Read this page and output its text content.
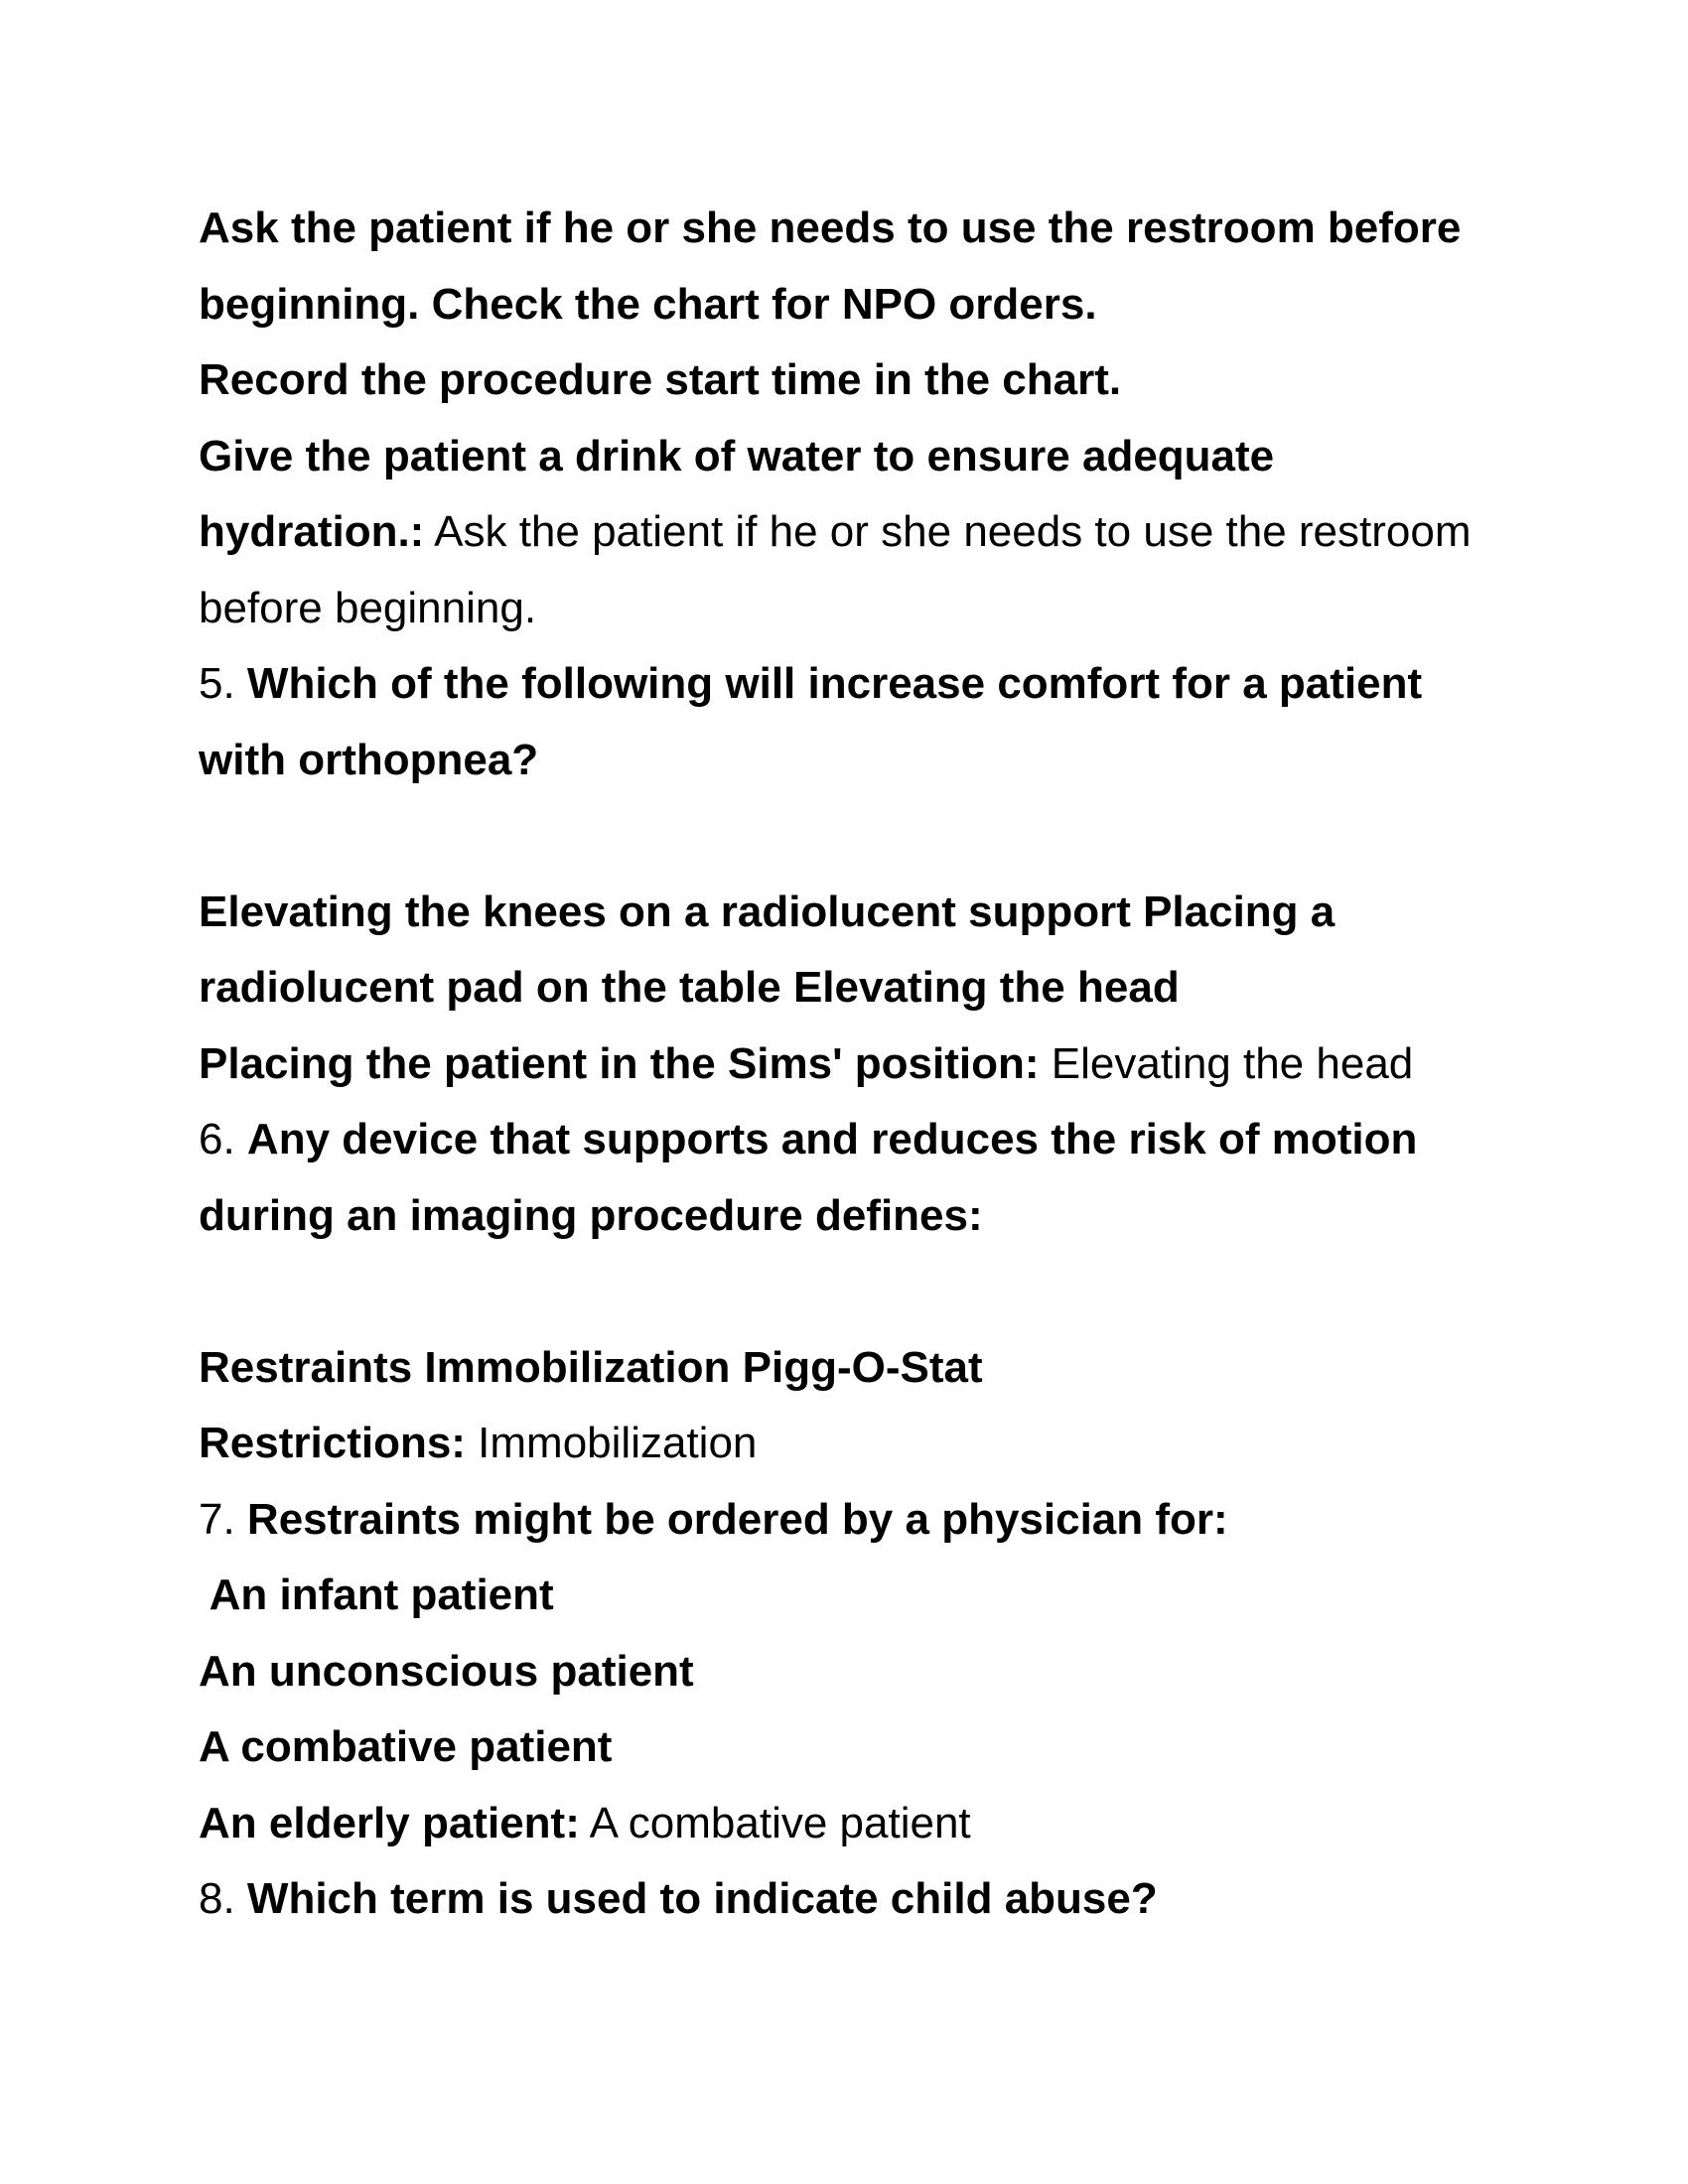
Ask the patient if he or she needs to use the restroom before
beginning. Check the chart for NPO orders.
Record the procedure start time in the chart.
Give the patient a drink of water to ensure adequate
hydration.: Ask the patient if he or she needs to use the restroom
before beginning.
5. Which of the following will increase comfort for a patient
with orthopnea?
Elevating the knees on a radiolucent support Placing a
radiolucent pad on the table Elevating the head
Placing the patient in the Sims' position: Elevating the head
6. Any device that supports and reduces the risk of motion
during an imaging procedure defines:
Restraints Immobilization Pigg-O-Stat
Restrictions: Immobilization
7. Restraints might be ordered by a physician for:
An infant patient
An unconscious patient
A combative patient
An elderly patient: A combative patient
8. Which term is used to indicate child abuse?
